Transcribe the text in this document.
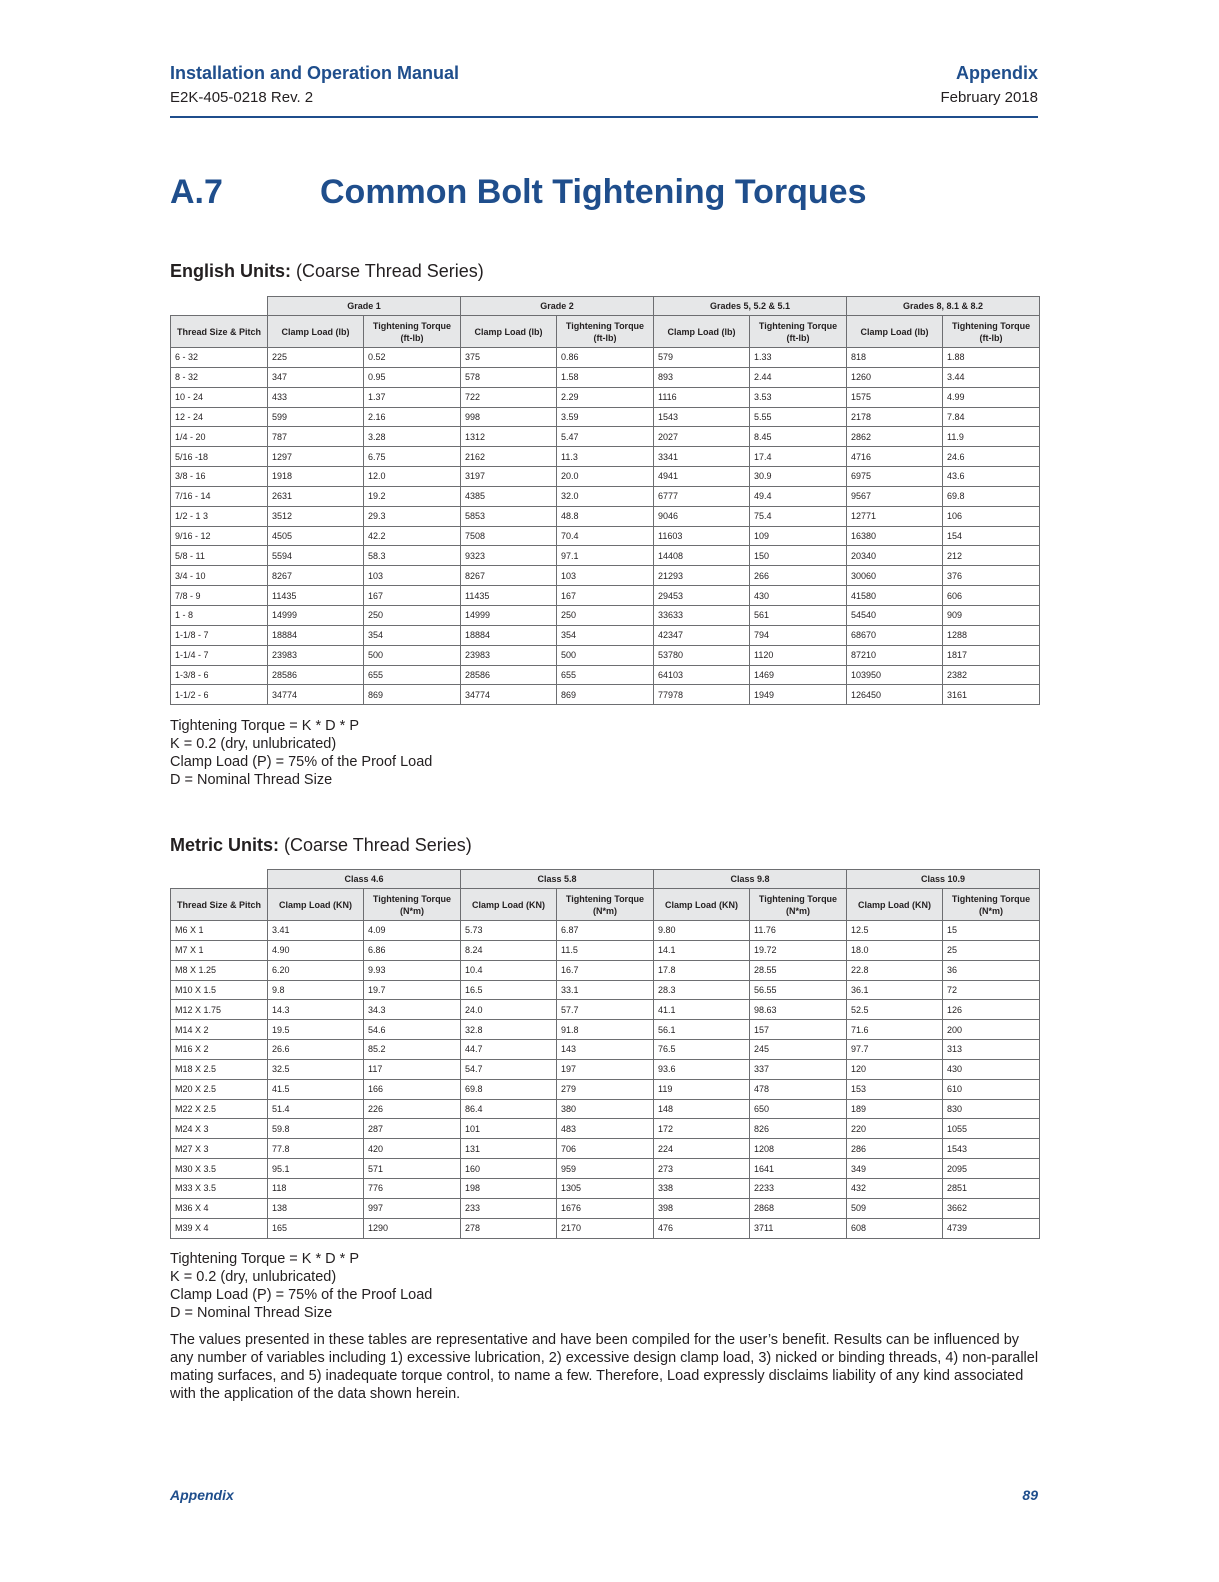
Installation and Operation Manual
E2K-405-0218 Rev. 2
Appendix
February 2018
A.7	Common Bolt Tightening Torques
English Units: (Coarse Thread Series)
	Grade 1		Grade 2		Grades 5, 5.2 & 5.1		Grades 8, 8.1 & 8.2	
Thread Size & Pitch	Clamp Load (lb)	Tightening Torque (ft-lb)	Clamp Load (lb)	Tightening Torque (ft-lb)	Clamp Load (lb)	Tightening Torque (ft-lb)	Clamp Load (lb)	Tightening Torque (ft-lb)
6 - 32	225	0.52	375	0.86	579	1.33	818	1.88
8 - 32	347	0.95	578	1.58	893	2.44	1260	3.44
10 - 24	433	1.37	722	2.29	1116	3.53	1575	4.99
12 - 24	599	2.16	998	3.59	1543	5.55	2178	7.84
1/4 - 20	787	3.28	1312	5.47	2027	8.45	2862	11.9
5/16 -18	1297	6.75	2162	11.3	3341	17.4	4716	24.6
3/8 - 16	1918	12.0	3197	20.0	4941	30.9	6975	43.6
7/16 - 14	2631	19.2	4385	32.0	6777	49.4	9567	69.8
1/2 - 1 3	3512	29.3	5853	48.8	9046	75.4	12771	106
9/16 - 12	4505	42.2	7508	70.4	11603	109	16380	154
5/8 - 11	5594	58.3	9323	97.1	14408	150	20340	212
3/4 - 10	8267	103	8267	103	21293	266	30060	376
7/8 - 9	11435	167	11435	167	29453	430	41580	606
1 - 8	14999	250	14999	250	33633	561	54540	909
1-1/8 - 7	18884	354	18884	354	42347	794	68670	1288
1-1/4 - 7	23983	500	23983	500	53780	1120	87210	1817
1-3/8 - 6	28586	655	28586	655	64103	1469	103950	2382
1-1/2 - 6	34774	869	34774	869	77978	1949	126450	3161
Tightening Torque = K * D * P
K = 0.2 (dry, unlubricated)
Clamp Load (P) = 75% of the Proof Load
D = Nominal Thread Size
Metric Units: (Coarse Thread Series)
	Class 4.6		Class 5.8		Class 9.8		Class 10.9	
Thread Size & Pitch	Clamp Load (KN)	Tightening Torque (N*m)	Clamp Load (KN)	Tightening Torque (N*m)	Clamp Load (KN)	Tightening Torque (N*m)	Clamp Load (KN)	Tightening Torque (N*m)
M6 X 1	3.41	4.09	5.73	6.87	9.80	11.76	12.5	15
M7 X 1	4.90	6.86	8.24	11.5	14.1	19.72	18.0	25
M8 X 1.25	6.20	9.93	10.4	16.7	17.8	28.55	22.8	36
M10 X 1.5	9.8	19.7	16.5	33.1	28.3	56.55	36.1	72
M12 X 1.75	14.3	34.3	24.0	57.7	41.1	98.63	52.5	126
M14 X 2	19.5	54.6	32.8	91.8	56.1	157	71.6	200
M16 X 2	26.6	85.2	44.7	143	76.5	245	97.7	313
M18 X 2.5	32.5	117	54.7	197	93.6	337	120	430
M20 X 2.5	41.5	166	69.8	279	119	478	153	610
M22 X 2.5	51.4	226	86.4	380	148	650	189	830
M24 X 3	59.8	287	101	483	172	826	220	1055
M27 X 3	77.8	420	131	706	224	1208	286	1543
M30 X 3.5	95.1	571	160	959	273	1641	349	2095
M33 X 3.5	118	776	198	1305	338	2233	432	2851
M36 X 4	138	997	233	1676	398	2868	509	3662
M39 X 4	165	1290	278	2170	476	3711	608	4739
Tightening Torque = K * D * P
K = 0.2 (dry, unlubricated)
Clamp Load (P) = 75% of the Proof Load
D = Nominal Thread Size
The values presented in these tables are representative and have been compiled for the user’s benefit. Results can be influenced by any number of variables including 1) excessive lubrication, 2) excessive design clamp load, 3) nicked or binding threads, 4) non-parallel mating surfaces, and 5) inadequate torque control, to name a few. Therefore, Load expressly disclaims liability of any kind associated with the application of the data shown herein.
Appendix	89
